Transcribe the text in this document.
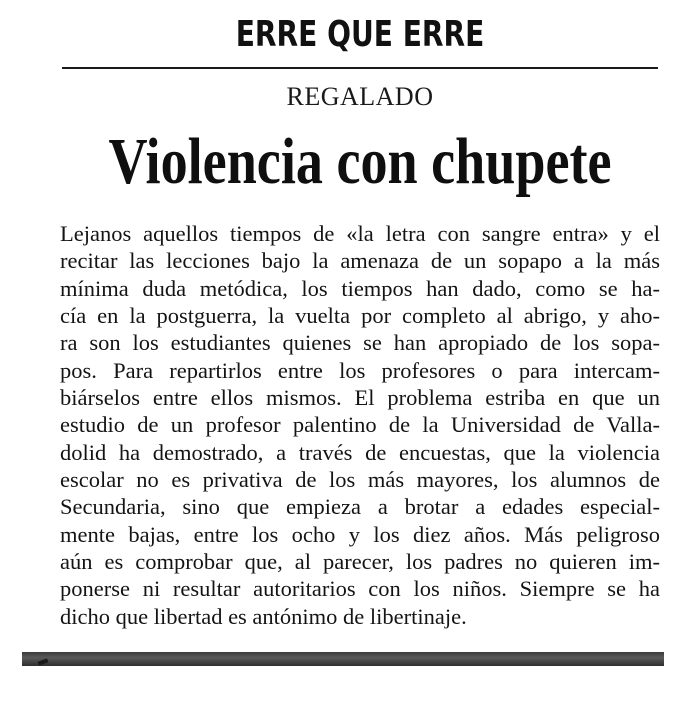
ERRE QUE ERRE
REGALADO
Violencia con chupete
Lejanos aquellos tiempos de «la letra con sangre entra» y el
recitar las lecciones bajo la amenaza de un sopapo a la más
mínima duda metódica, los tiempos han dado, como se ha-
cía en la postguerra, la vuelta por completo al abrigo, y aho-
ra son los estudiantes quienes se han apropiado de los sopa-
pos. Para repartirlos entre los profesores o para intercam-
biárselos entre ellos mismos. El problema estriba en que un
estudio de un profesor palentino de la Universidad de Valla-
dolid ha demostrado, a través de encuestas, que la violencia
escolar no es privativa de los más mayores, los alumnos de
Secundaria, sino que empieza a brotar a edades especial-
mente bajas, entre los ocho y los diez años. Más peligroso
aún es comprobar que, al parecer, los padres no quieren im-
ponerse ni resultar autoritarios con los niños. Siempre se ha
dicho que libertad es antónimo de libertinaje.
